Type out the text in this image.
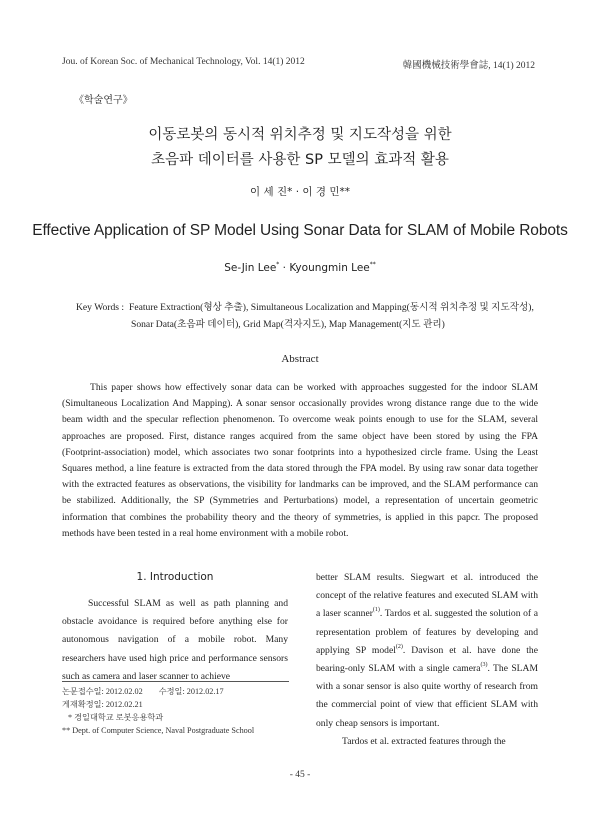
Jou. of Korean Soc. of Mechanical Technology, Vol. 14(1) 2012	韓國機械技術學會誌, 14(1) 2012
《학술연구》
이동로봇의 동시적 위치추정 및 지도작성을 위한
초음파 데이터를 사용한 SP 모델의 효과적 활용
이 세 진* · 이 경 민**
Effective Application of SP Model Using Sonar Data for SLAM of Mobile Robots
Se-Jin Lee* · Kyoungmin Lee**
Key Words : Feature Extraction(형상 추출), Simultaneous Localization and Mapping(동시적 위치추정 및 지도작성),
Sonar Data(초음파 데이터), Grid Map(격자지도), Map Management(지도 관리)
Abstract
This paper shows how effectively sonar data can be worked with approaches suggested for the indoor SLAM (Simultaneous Localization And Mapping). A sonar sensor occasionally provides wrong distance range due to the wide beam width and the specular reflection phenomenon. To overcome weak points enough to use for the SLAM, several approaches are proposed. First, distance ranges acquired from the same object have been stored by using the FPA (Footprint-association) model, which associates two sonar footprints into a hypothesized circle frame. Using the Least Squares method, a line feature is extracted from the data stored through the FPA model. By using raw sonar data together with the extracted features as observations, the visibility for landmarks can be improved, and the SLAM performance can be stabilized. Additionally, the SP (Symmetries and Perturbations) model, a representation of uncertain geometric information that combines the probability theory and the theory of symmetries, is applied in this papcr. The proposed methods have been tested in a real home environment with a mobile robot.
1. Introduction
Successful SLAM as well as path planning and obstacle avoidance is required before anything else for autonomous navigation of a mobile robot. Many researchers have used high price and performance sensors such as camera and laser scanner to achieve
better SLAM results. Siegwart et al. introduced the concept of the relative features and executed SLAM with a laser scanner$^{(1)}$. Tardos et al. suggested the solution of a representation problem of features by developing and applying SP model$^{(2)}$. Davison et al. have done the bearing-only SLAM with a single camera$^{(3)}$. The SLAM with a sonar sensor is also quite worthy of research from the commercial point of view that efficient SLAM with only cheap sensors is important.
Tardos et al. extracted features through the
논문접수일: 2012.02.02 수정일: 2012.02.17
게재확정일: 2012.02.21
* 경일대학교 로봇응용학과
** Dept. of Computer Science, Naval Postgraduate School
- 45 -
